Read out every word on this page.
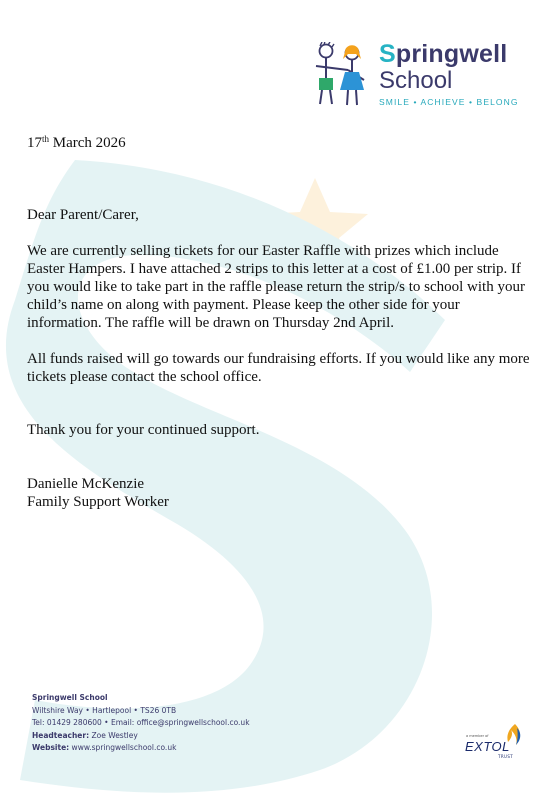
Springwell
School
SMILE • ACHIEVE • BELONG
17th March 2026

Dear Parent/Carer,

We are currently selling tickets for our Easter Raffle with prizes which include Easter Hampers. I have attached 2 strips to this letter at a cost of £1.00 per strip. If you would like to take part in the raffle please return the strip/s to school with your child’s name on along with payment. Please keep the other side for your information. The raffle will be drawn on Thursday 2nd April.

All funds raised will go towards our fundraising efforts. If you would like any more tickets please contact the school office.

Thank you for your continued support.

Danielle McKenzie

Family Support Worker

Springwell School
Wiltshire Way • Hartlepool • TS26 0TB
Tel: 01429 280600 • Email: office@springwellschool.co.uk
Headteacher: Zoe Westley
Website: www.springwellschool.co.uk
a member of
EXTOL
TRUST
